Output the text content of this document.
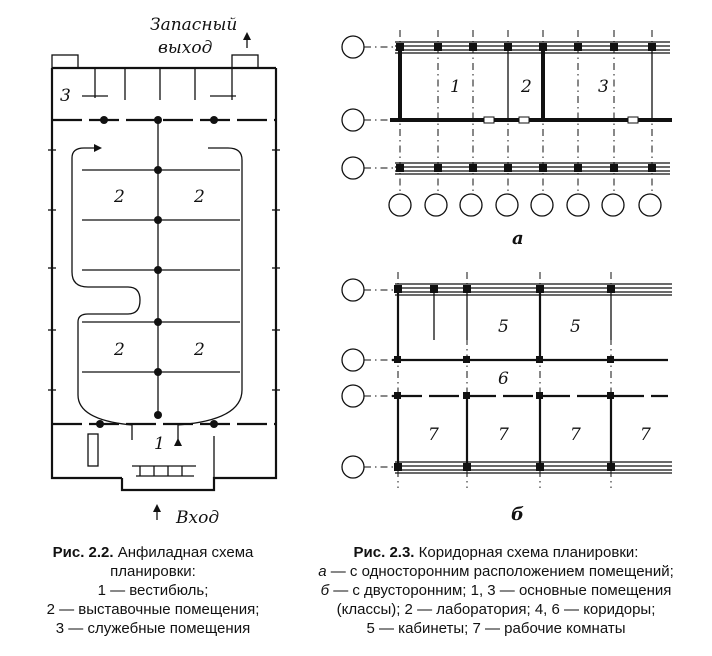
Запасный
выход
Вход
3
2	2
2	2
1
1	2	3
а
5	5
6
7	7	7	7
б
Рис. 2.2. Анфиладная схема
планировки:
1 — вестибюль;
2 — выставочные помещения;
3 — служебные помещения
Рис. 2.3. Коридорная схема планировки:
а — с односторонним расположением помещений;
б — с двусторонним; 1, 3 — основные помещения
(классы); 2 — лаборатория; 4, 6 — коридоры;
5 — кабинеты; 7 — рабочие комнаты
